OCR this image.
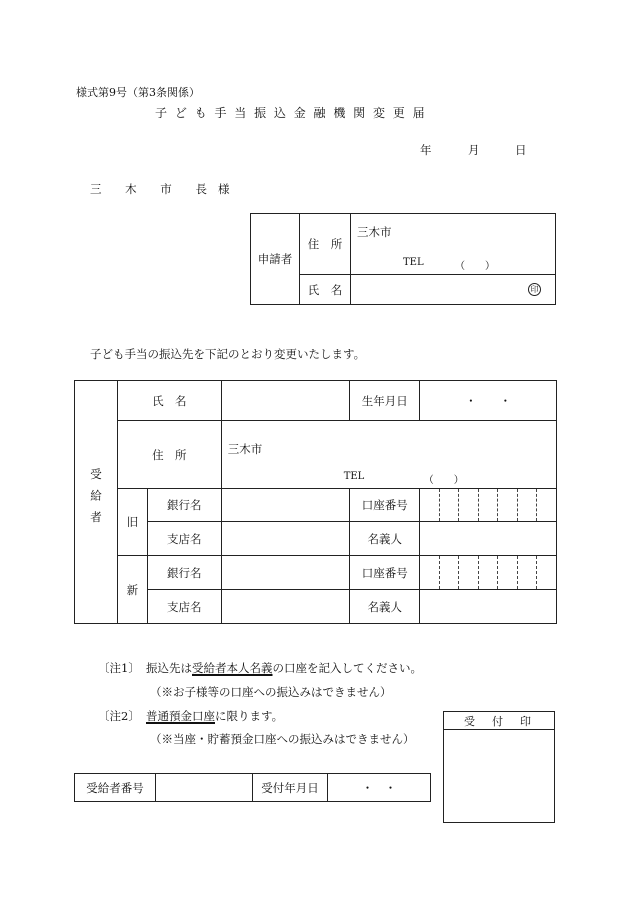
様式第9号（第3条関係）
子 ど も 手 当 振 込 金 融 機 関 変 更 届
年	月	日
三 木 市 長 様
申請者	住　所	三木市
TEL （　　）

	氏　名	印
子ども手当の振込先を下記のとおり変更いたします。
受給者	氏　名			生年月日	・　　・
	住　所		三木市
TEL （　　）		

	旧	銀行名		口座番号	

		支店名		名義人	
	新	銀行名		口座番号	

		支店名		名義人	
〔注1〕 振込先は受給者本人名義の口座を記入してください。
（※お子様等の口座への振込みはできません）
〔注2〕 普通預金口座に限ります。
（※当座・貯蓄預金口座への振込みはできません）
受給者番号		受付年月日	・　・
受　付　印
